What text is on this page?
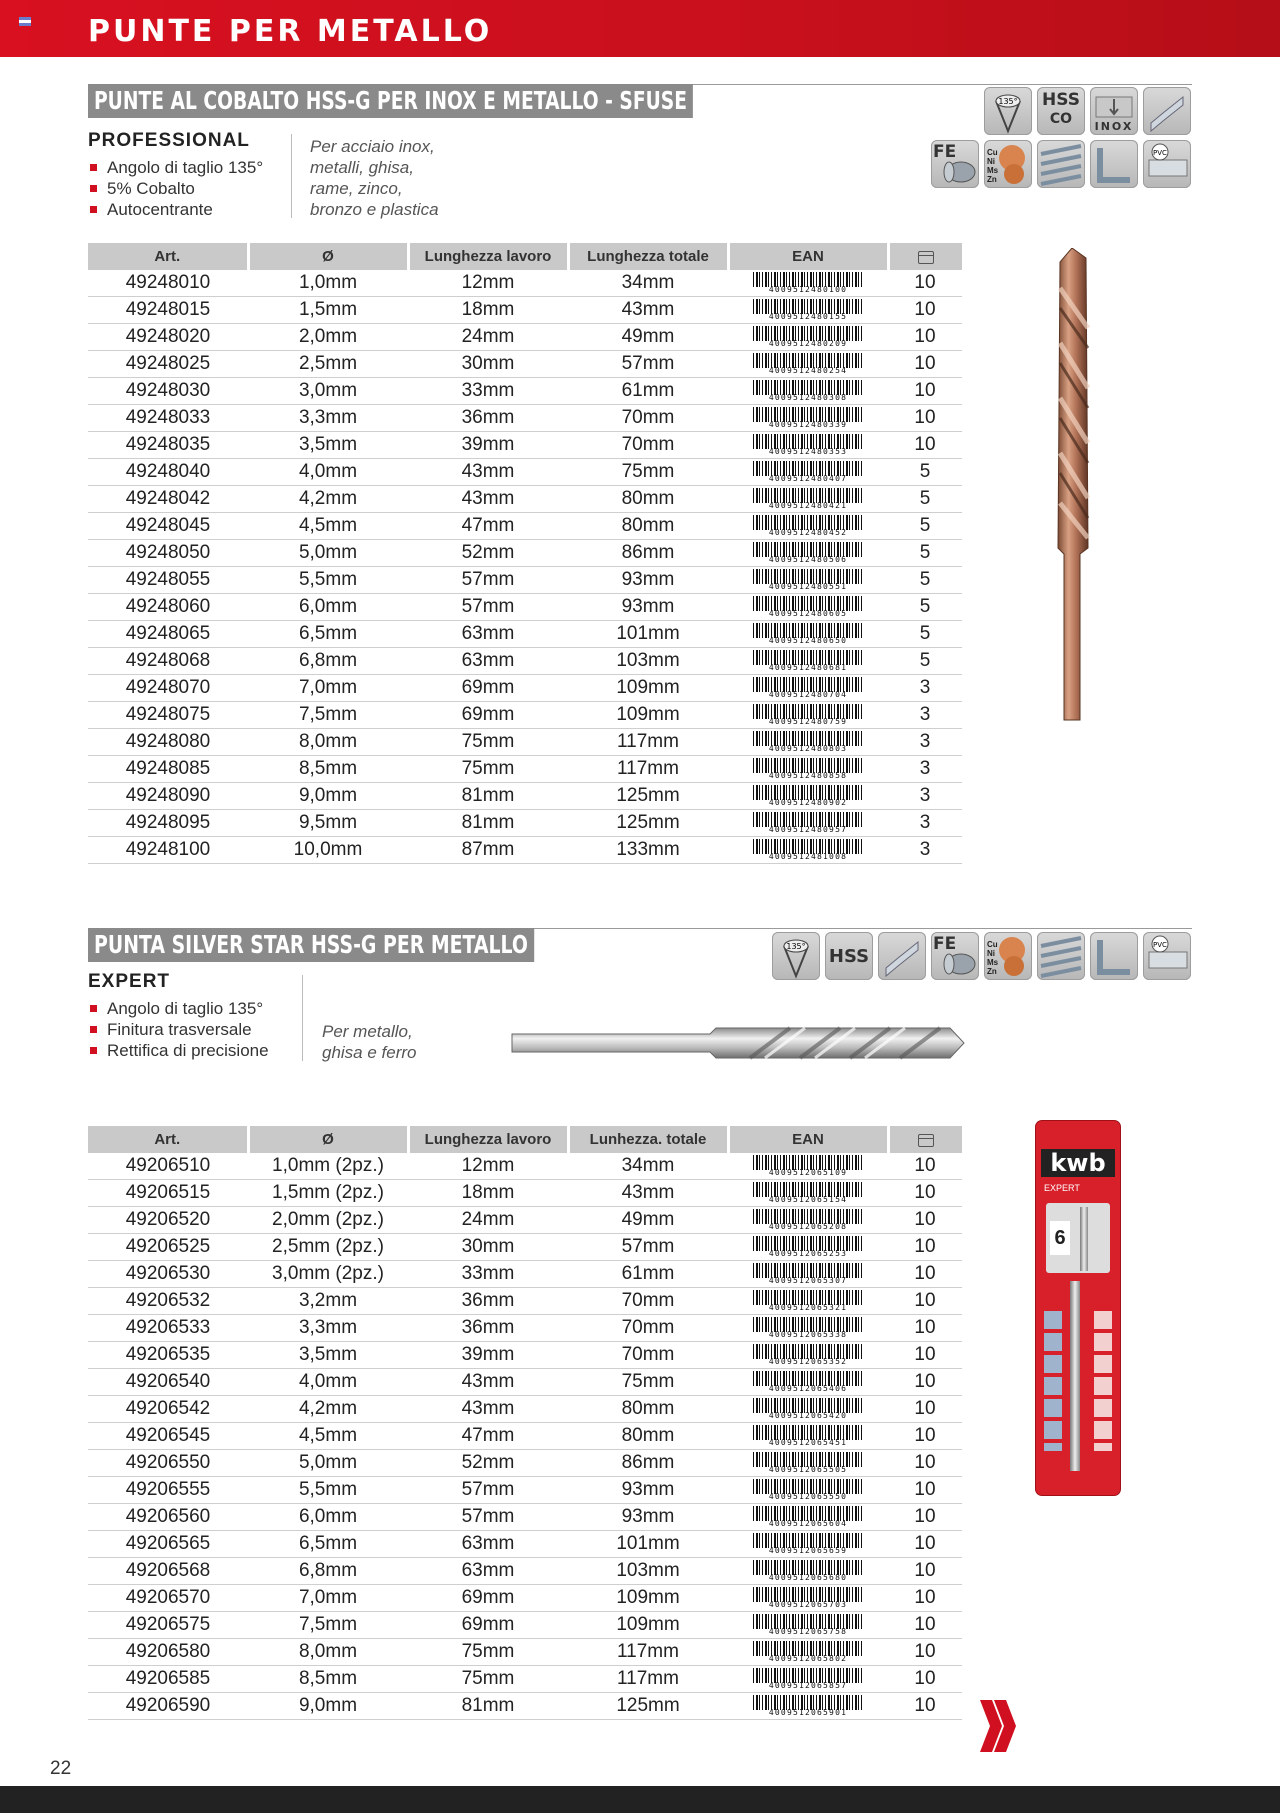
PUNTE PER METALLO
PUNTE AL COBALTO HSS-G PER INOX E METALLO - SFUSE
PROFESSIONAL
Angolo di taglio 135°
5% Cobalto
Autocentrante
Per acciaio inox,
metalli, ghisa,
rame, zinco,
bronzo e plastica
135° HSS
CO	INOX
FE	Cu Ni Ms Zn
PVC
Art.	Ø	Lunghezza lavoro	Lunghezza totale	EAN	
49248010	1,0mm	12mm	34mm	4009512480100	10
49248015	1,5mm	18mm	43mm	4009512480155	10
49248020	2,0mm	24mm	49mm	4009512480209	10
49248025	2,5mm	30mm	57mm	4009512480254	10
49248030	3,0mm	33mm	61mm	4009512480308	10
49248033	3,3mm	36mm	70mm	4009512480339	10
49248035	3,5mm	39mm	70mm	4009512480353	10
49248040	4,0mm	43mm	75mm	4009512480407	5
49248042	4,2mm	43mm	80mm	4009512480421	5
49248045	4,5mm	47mm	80mm	4009512480452	5
49248050	5,0mm	52mm	86mm	4009512480506	5
49248055	5,5mm	57mm	93mm	4009512480551	5
49248060	6,0mm	57mm	93mm	4009512480605	5
49248065	6,5mm	63mm	101mm	4009512480650	5
49248068	6,8mm	63mm	103mm	4009512480681	5
49248070	7,0mm	69mm	109mm	4009512480704	3
49248075	7,5mm	69mm	109mm	4009512480759	3
49248080	8,0mm	75mm	117mm	4009512480803	3
49248085	8,5mm	75mm	117mm	4009512480858	3
49248090	9,0mm	81mm	125mm	4009512480902	3
49248095	9,5mm	81mm	125mm	4009512480957	3
49248100	10,0mm	87mm	133mm	4009512481008	3
PUNTA SILVER STAR HSS-G PER METALLO
EXPERT
Angolo di taglio 135°
Finitura trasversale
Rettifica di precisione
Per metallo,
ghisa e ferro
135° HSS
FE	Cu Ni Ms Zn
PVC
Art.	Ø	Lunghezza lavoro	Lunhezza. totale	EAN	
49206510	1,0mm (2pz.)	12mm	34mm	4009512065109	10
49206515	1,5mm (2pz.)	18mm	43mm	4009512065154	10
49206520	2,0mm (2pz.)	24mm	49mm	4009512065208	10
49206525	2,5mm (2pz.)	30mm	57mm	4009512065253	10
49206530	3,0mm (2pz.)	33mm	61mm	4009512065307	10
49206532	3,2mm	36mm	70mm	4009512065321	10
49206533	3,3mm	36mm	70mm	4009512065338	10
49206535	3,5mm	39mm	70mm	4009512065352	10
49206540	4,0mm	43mm	75mm	4009512065406	10
49206542	4,2mm	43mm	80mm	4009512065420	10
49206545	4,5mm	47mm	80mm	4009512065451	10
49206550	5,0mm	52mm	86mm	4009512065505	10
49206555	5,5mm	57mm	93mm	4009512065550	10
49206560	6,0mm	57mm	93mm	4009512065604	10
49206565	6,5mm	63mm	101mm	4009512065659	10
49206568	6,8mm	63mm	103mm	4009512065680	10
49206570	7,0mm	69mm	109mm	4009512065703	10
49206575	7,5mm	69mm	109mm	4009512065758	10
49206580	8,0mm	75mm	117mm	4009512065802	10
49206585	8,5mm	75mm	117mm	4009512065857	10
49206590	9,0mm	81mm	125mm	4009512065901	10
kwb
EXPERT
6
22
